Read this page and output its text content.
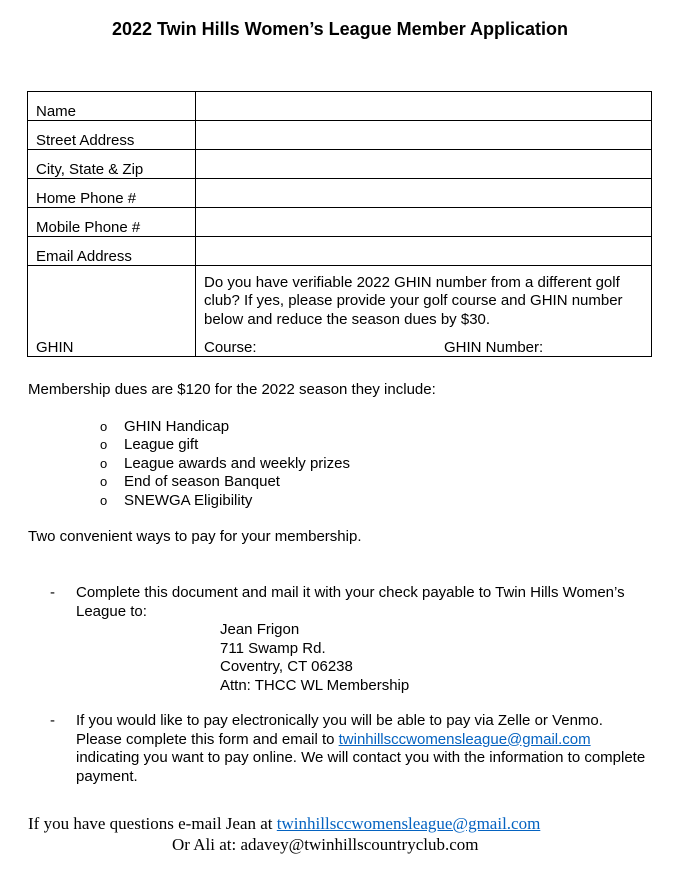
2022 Twin Hills Women’s League Member Application
Name	
Street Address	
City, State & Zip	
Home Phone #	
Mobile Phone #	
Email Address	
GHIN	Do you have verifiable 2022 GHIN number from a different golf club? If yes, please provide your golf course and GHIN number below and reduce the season dues by $30.
Course: GHIN Number:

Membership dues are $120 for the 2022 season they include:

o	GHIN Handicap
o	League gift
o	League awards and weekly prizes
o	End of season Banquet
o	SNEWGA Eligibility

Two convenient ways to pay for your membership.

- Complete this document and mail it with your check payable to Twin Hills Women’s League to:
Jean Frigon
711 Swamp Rd.
Coventry, CT 06238
Attn: THCC WL Membership
- If you would like to pay electronically you will be able to pay via Zelle or Venmo. Please complete this form and email to twinhillsccwomensleague@gmail.com indicating you want to pay online. We will contact you with the information to complete payment.
If you have questions e-mail Jean at twinhillsccwomensleague@gmail.com
Or Ali at: adavey@twinhillscountryclub.com
